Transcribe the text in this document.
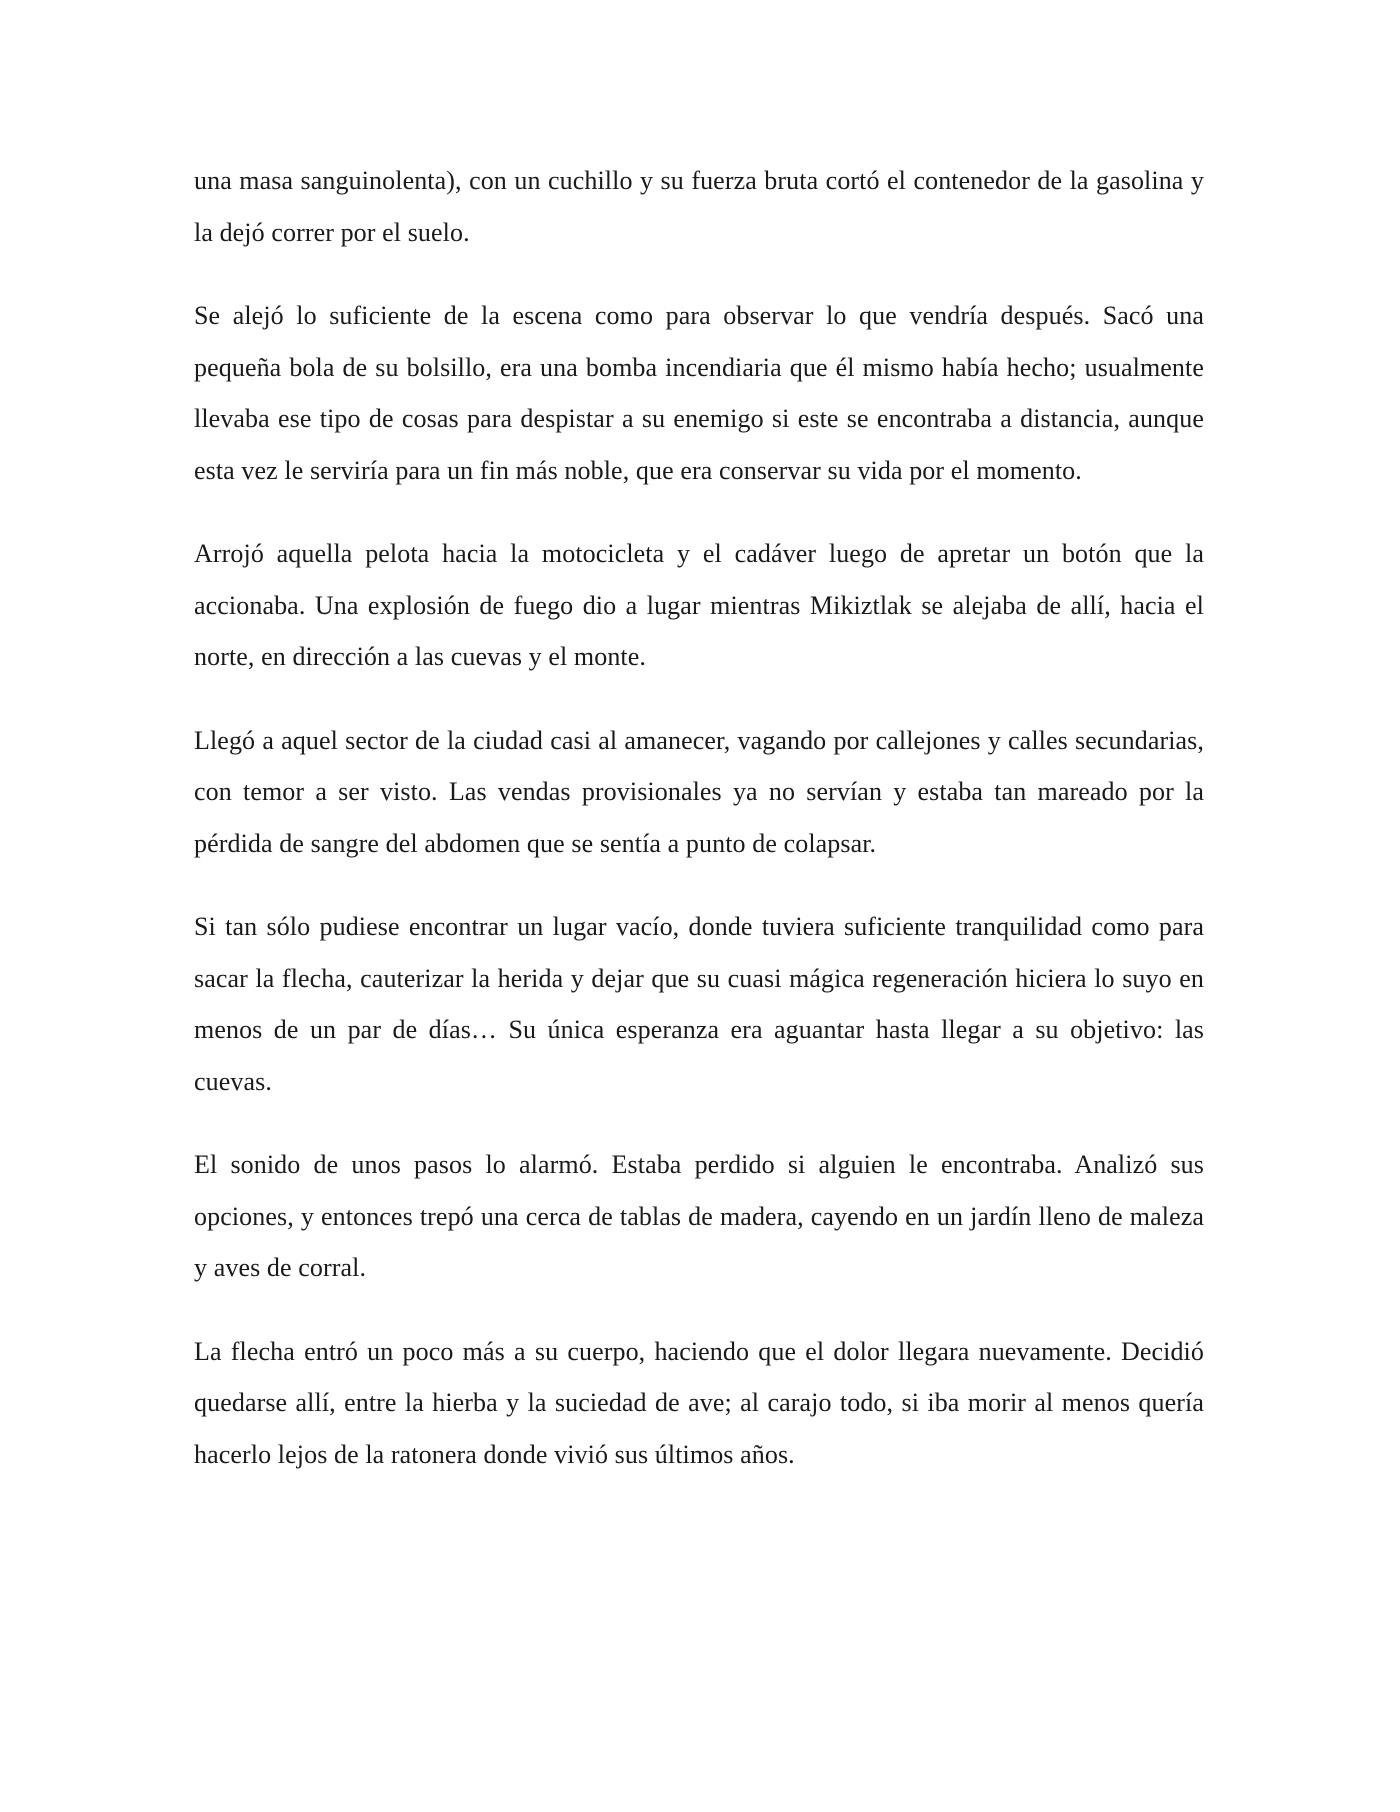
una masa sanguinolenta), con un cuchillo y su fuerza bruta cortó el contenedor de la gasolina y la dejó correr por el suelo.

Se alejó lo suficiente de la escena como para observar lo que vendría después. Sacó una pequeña bola de su bolsillo, era una bomba incendiaria que él mismo había hecho; usualmente llevaba ese tipo de cosas para despistar a su enemigo si este se encontraba a distancia, aunque esta vez le serviría para un fin más noble, que era conservar su vida por el momento.

Arrojó aquella pelota hacia la motocicleta y el cadáver luego de apretar un botón que la accionaba. Una explosión de fuego dio a lugar mientras Mikiztlak se alejaba de allí, hacia el norte, en dirección a las cuevas y el monte.

Llegó a aquel sector de la ciudad casi al amanecer, vagando por callejones y calles secundarias, con temor a ser visto. Las vendas provisionales ya no servían y estaba tan mareado por la pérdida de sangre del abdomen que se sentía a punto de colapsar.

Si tan sólo pudiese encontrar un lugar vacío, donde tuviera suficiente tranquilidad como para sacar la flecha, cauterizar la herida y dejar que su cuasi mágica regeneración hiciera lo suyo en menos de un par de días… Su única esperanza era aguantar hasta llegar a su objetivo: las cuevas.

El sonido de unos pasos lo alarmó. Estaba perdido si alguien le encontraba. Analizó sus opciones, y entonces trepó una cerca de tablas de madera, cayendo en un jardín lleno de maleza y aves de corral.

La flecha entró un poco más a su cuerpo, haciendo que el dolor llegara nuevamente. Decidió quedarse allí, entre la hierba y la suciedad de ave; al carajo todo, si iba morir al menos quería hacerlo lejos de la ratonera donde vivió sus últimos años.
